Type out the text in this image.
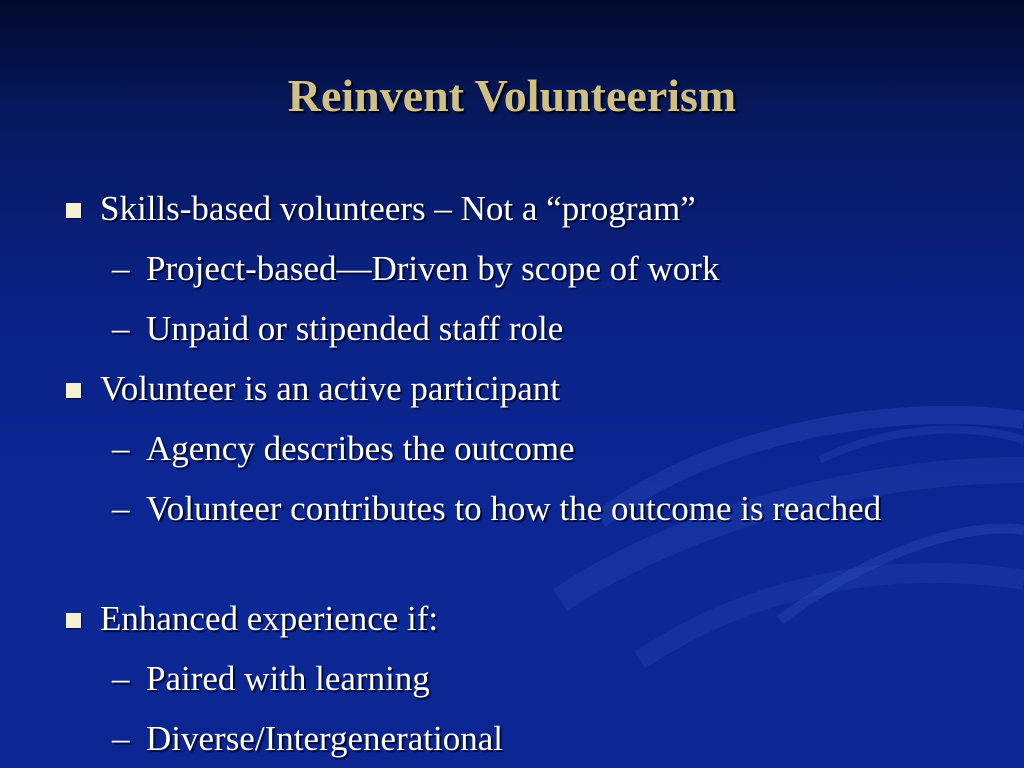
Reinvent Volunteerism
Skills-based volunteers – Not a “program”
– Project-based—Driven by scope of work
– Unpaid or stipended staff role
Volunteer is an active participant
– Agency describes the outcome
– Volunteer contributes to how the outcome is reached
Enhanced experience if:
– Paired with learning
– Diverse/Intergenerational
